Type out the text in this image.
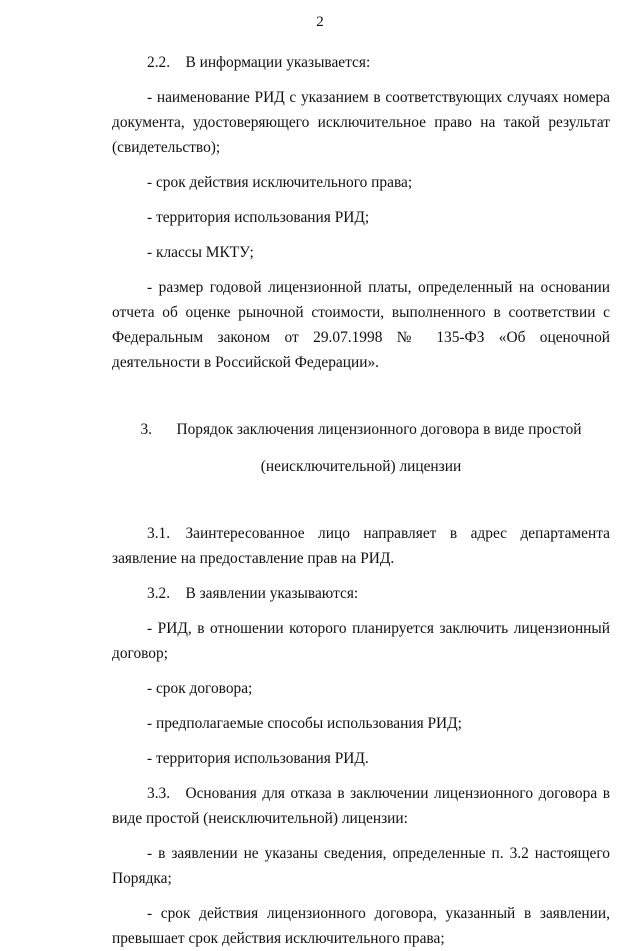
2

2.2. В информации указывается:

- наименование РИД с указанием в соответствующих случаях номера документа, удостоверяющего исключительное право на такой результат (свидетельство);

- срок действия исключительного права;

- территория использования РИД;

- классы МКТУ;

- размер годовой лицензионной платы, определенный на основании отчета об оценке рыночной стоимости, выполненного в соответствии с Федеральным законом от 29.07.1998 № 135-ФЗ «Об оценочной деятельности в Российской Федерации».

3. Порядок заключения лицензионного договора в виде простой

(неисключительной) лицензии

3.1. Заинтересованное лицо направляет в адрес департамента заявление на предоставление прав на РИД.

3.2. В заявлении указываются:

- РИД, в отношении которого планируется заключить лицензионный договор;

- срок договора;

- предполагаемые способы использования РИД;

- территория использования РИД.

3.3. Основания для отказа в заключении лицензионного договора в виде простой (неисключительной) лицензии:

- в заявлении не указаны сведения, определенные п. 3.2 настоящего Порядка;

- срок действия лицензионного договора, указанный в заявлении, превышает срок действия исключительного права;
